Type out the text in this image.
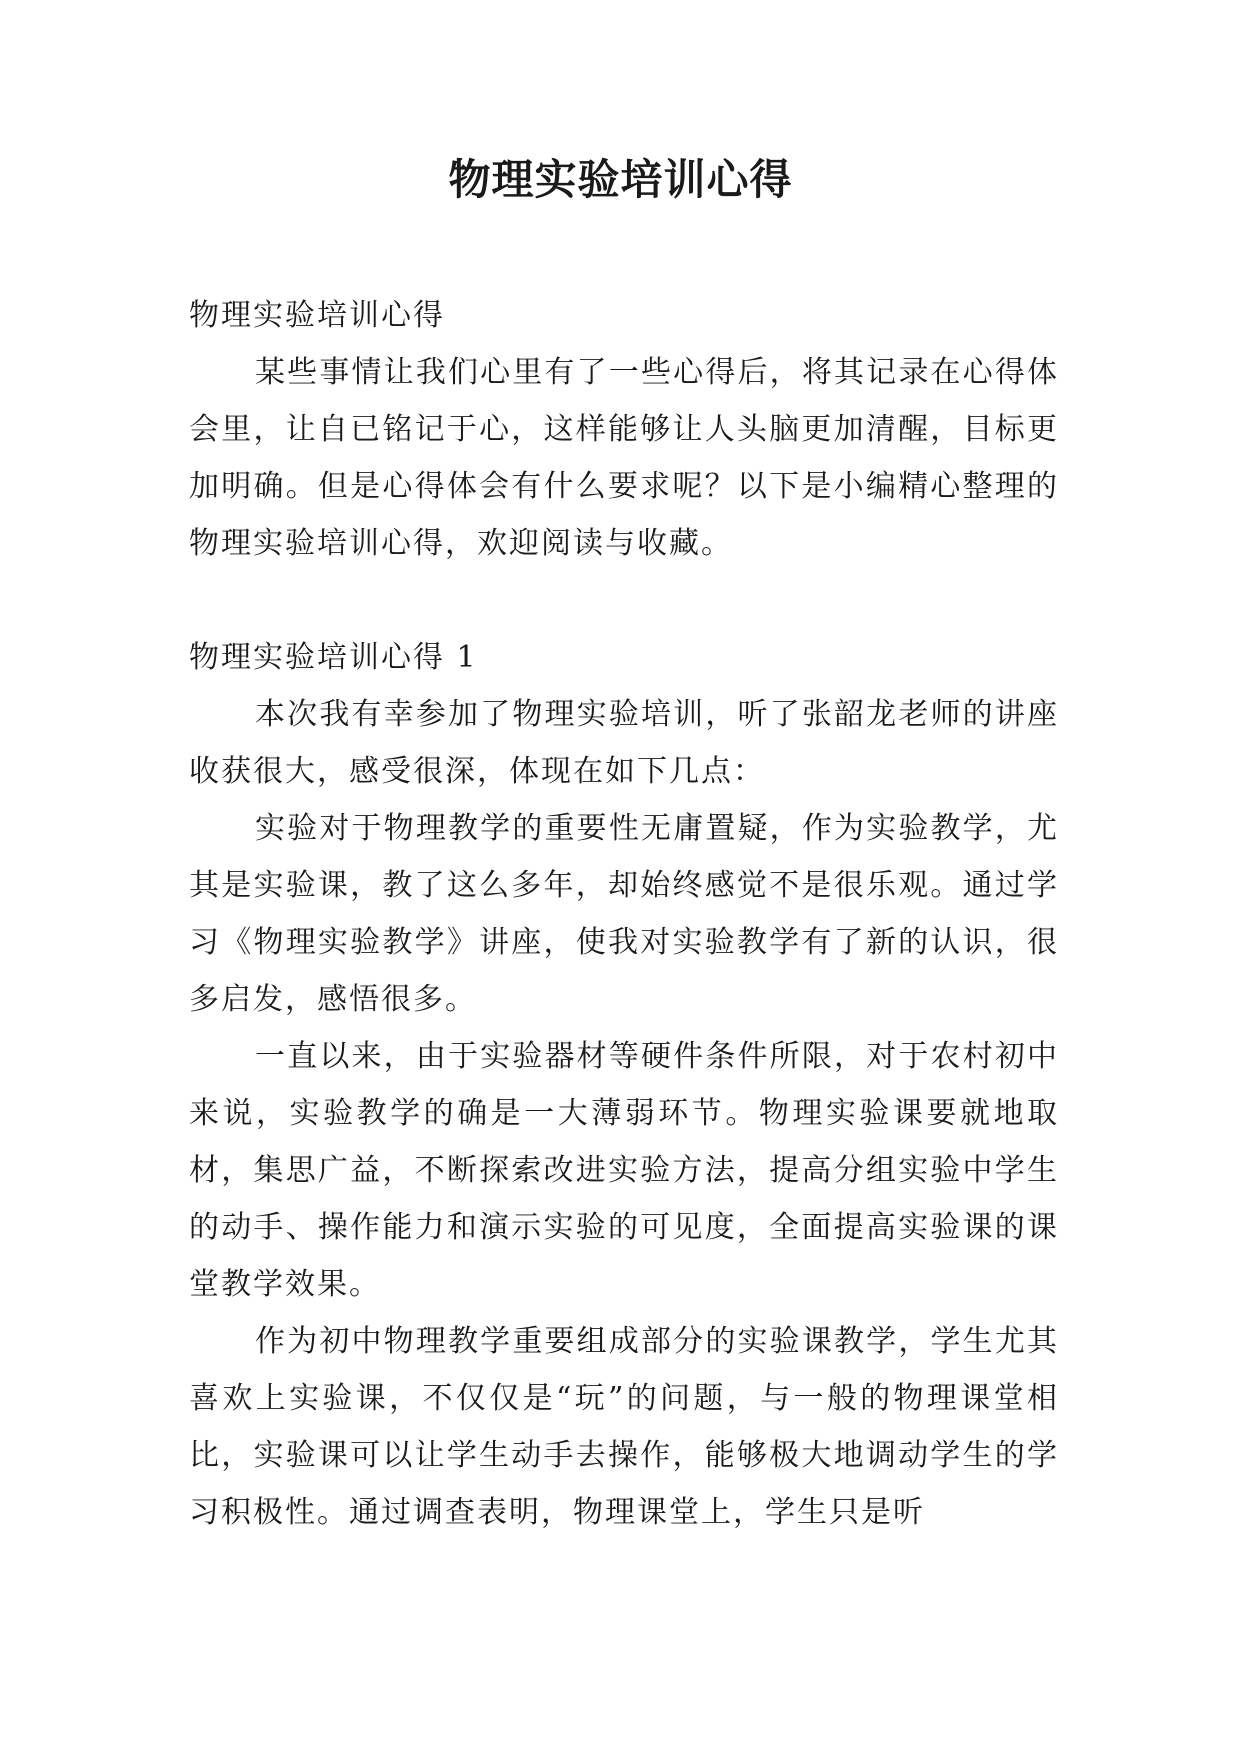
物理实验培训心得

物理实验培训心得

某些事情让我们心里有了一些心得后，将其记录在心得体会里，让自已铭记于心，这样能够让人头脑更加清醒，目标更加明确。但是心得体会有什么要求呢？以下是小编精心整理的物理实验培训心得，欢迎阅读与收藏。

物理实验培训心得 1

本次我有幸参加了物理实验培训，听了张韶龙老师的讲座收获很大，感受很深，体现在如下几点：

实验对于物理教学的重要性无庸置疑，作为实验教学，尤其是实验课，教了这么多年，却始终感觉不是很乐观。通过学习《物理实验教学》讲座，使我对实验教学有了新的认识，很多启发，感悟很多。

一直以来，由于实验器材等硬件条件所限，对于农村初中来说，实验教学的确是一大薄弱环节。物理实验课要就地取材，集思广益，不断探索改进实验方法，提高分组实验中学生的动手、操作能力和演示实验的可见度，全面提高实验课的课堂教学效果。

作为初中物理教学重要组成部分的实验课教学，学生尤其喜欢上实验课，不仅仅是“玩”的问题，与一般的物理课堂相比，实验课可以让学生动手去操作，能够极大地调动学生的学习积极性。通过调查表明，物理课堂上，学生只是听
